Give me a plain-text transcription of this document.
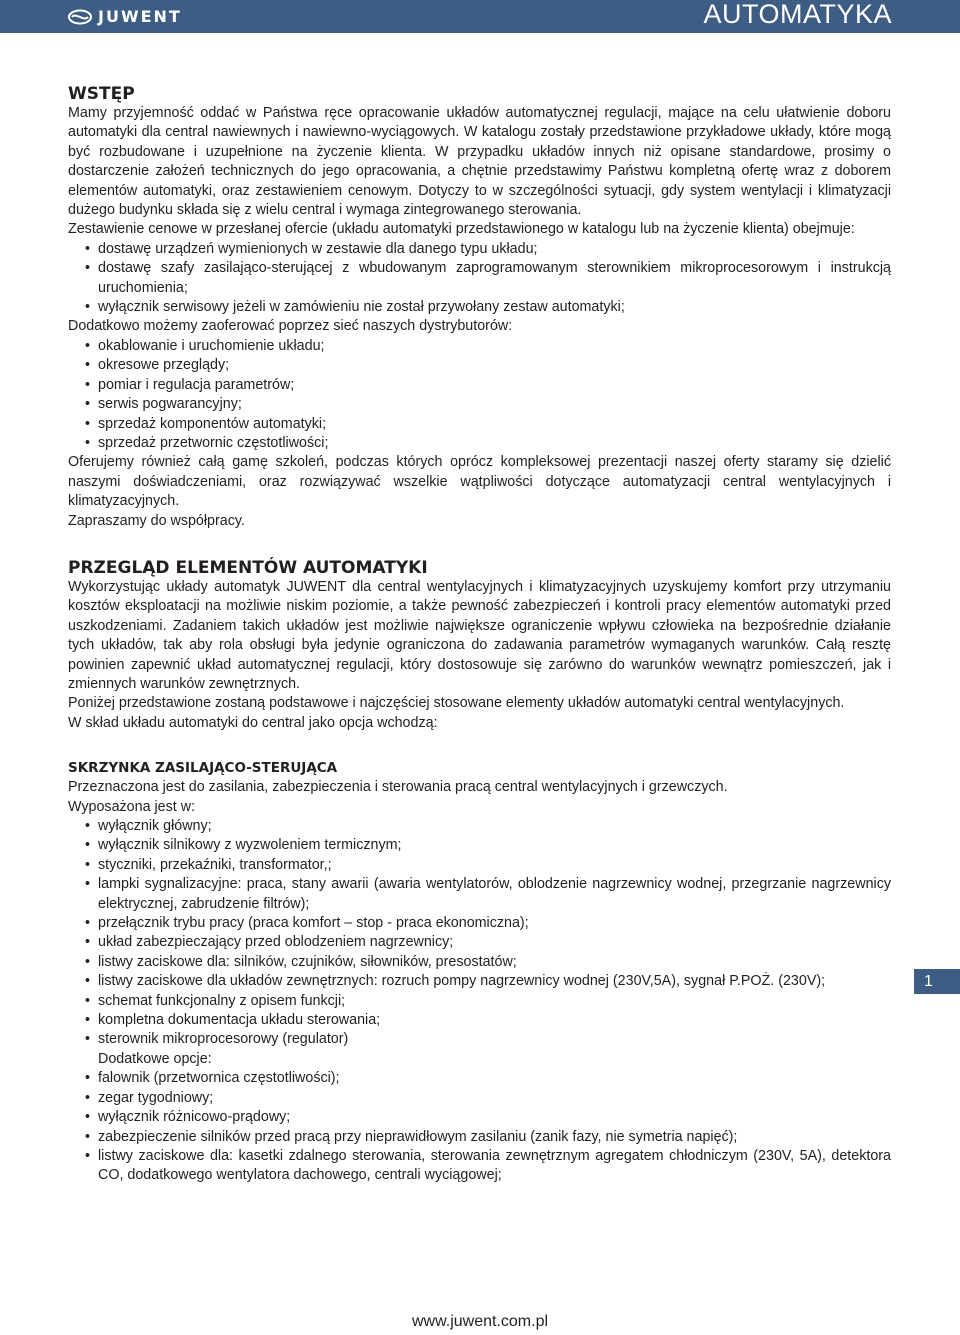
JUWENT	AUTOMATYKA
WSTĘP

Mamy przyjemność oddać w Państwa ręce opracowanie układów automatycznej regulacji, mające na celu ułatwienie doboru automatyki dla central nawiewnych i nawiewno-wyciągowych. W katalogu zostały przedstawione przykładowe układy, które mogą być rozbudowane i uzupełnione na życzenie klienta. W przypadku układów innych niż opisane standardowe, prosimy o dostarczenie założeń technicznych do jego opracowania, a chętnie przedstawimy Państwu kompletną ofertę wraz z doborem elementów automatyki, oraz zestawieniem cenowym. Dotyczy to w szczególności sytuacji, gdy system wentylacji i klimatyzacji dużego budynku składa się z wielu central i wymaga zintegrowanego sterowania.

Zestawienie cenowe w przesłanej ofercie (układu automatyki przedstawionego w katalogu lub na życzenie klienta) obejmuje:

• dostawę urządzeń wymienionych w zestawie dla danego typu układu;
• dostawę szafy zasilająco-sterującej z wbudowanym zaprogramowanym sterownikiem mikroprocesorowym i instrukcją uruchomienia;
• wyłącznik serwisowy jeżeli w zamówieniu nie został przywołany zestaw automatyki;

Dodatkowo możemy zaoferować poprzez sieć naszych dystrybutorów:

• okablowanie i uruchomienie układu;
• okresowe przeglądy;
• pomiar i regulacja parametrów;
• serwis pogwarancyjny;
• sprzedaż komponentów automatyki;
• sprzedaż przetwornic częstotliwości;

Oferujemy również całą gamę szkoleń, podczas których oprócz kompleksowej prezentacji naszej oferty staramy się dzielić naszymi doświadczeniami, oraz rozwiązywać wszelkie wątpliwości dotyczące automatyzacji central wentylacyjnych i klimatyzacyjnych.

Zapraszamy do współpracy.

PRZEGLĄD ELEMENTÓW AUTOMATYKI

Wykorzystując układy automatyk JUWENT dla central wentylacyjnych i klimatyzacyjnych uzyskujemy komfort przy utrzymaniu kosztów eksploatacji na możliwie niskim poziomie, a także pewność zabezpieczeń i kontroli pracy elementów automatyki przed uszkodzeniami. Zadaniem takich układów jest możliwie największe ograniczenie wpływu człowieka na bezpośrednie działanie tych układów, tak aby rola obsługi była jedynie ograniczona do zadawania parametrów wymaganych warunków. Całą resztę powinien zapewnić układ automatycznej regulacji, który dostosowuje się zarówno do warunków wewnątrz pomieszczeń, jak i zmiennych warunków zewnętrznych.

Poniżej przedstawione zostaną podstawowe i najczęściej stosowane elementy układów automatyki central wentylacyjnych.

W skład układu automatyki do central jako opcja wchodzą:

SKRZYNKA ZASILAJĄCO-STERUJĄCA

Przeznaczona jest do zasilania, zabezpieczenia i sterowania pracą central wentylacyjnych i grzewczych.

Wyposażona jest w:

• wyłącznik główny;
• wyłącznik silnikowy z wyzwoleniem termicznym;
• styczniki, przekaźniki, transformator,;
• lampki sygnalizacyjne: praca, stany awarii (awaria wentylatorów, oblodzenie nagrzewnicy wodnej, przegrzanie nagrzewnicy elektrycznej, zabrudzenie filtrów);
• przełącznik trybu pracy (praca komfort – stop - praca ekonomiczna);
• układ zabezpieczający przed oblodzeniem nagrzewnicy;
• listwy zaciskowe dla: silników, czujników, siłowników, presostatów;
• listwy zaciskowe dla układów zewnętrznych: rozruch pompy nagrzewnicy wodnej (230V,5A), sygnał P.POŻ. (230V);
• schemat funkcjonalny z opisem funkcji;
• kompletna dokumentacja układu sterowania;
• sterownik mikroprocesorowy (regulator)

Dodatkowe opcje:

• falownik (przetwornica częstotliwości);
• zegar tygodniowy;
• wyłącznik różnicowo-prądowy;
• zabezpieczenie silników przed pracą przy nieprawidłowym zasilaniu (zanik fazy, nie symetria napięć);
• listwy zaciskowe dla: kasetki zdalnego sterowania, sterowania zewnętrznym agregatem chłodniczym (230V, 5A), detektora CO, dodatkowego wentylatora dachowego, centrali wyciągowej;
1
www.juwent.com.pl
